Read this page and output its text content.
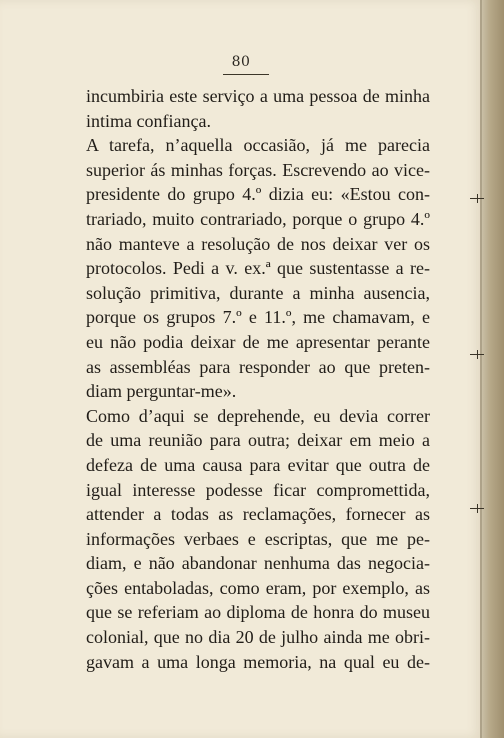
80
incumbiria este serviço a uma pessoa de minha
intima confiança.
A tarefa, n’aquella occasião, já me parecia
superior ás minhas forças. Escrevendo ao vice-
presidente do grupo 4.º dizia eu: «Estou con-
trariado, muito contrariado, porque o grupo 4.º
não manteve a resolução de nos deixar ver os
protocolos. Pedi a v. ex.ª que sustentasse a re-
solução primitiva, durante a minha ausencia,
porque os grupos 7.º e 11.º, me chamavam, e
eu não podia deixar de me apresentar perante
as assembléas para responder ao que preten-
diam perguntar-me».
Como d’aqui se deprehende, eu devia correr
de uma reunião para outra; deixar em meio a
defeza de uma causa para evitar que outra de
igual interesse podesse ficar compromettida,
attender a todas as reclamações, fornecer as
informações verbaes e escriptas, que me pe-
diam, e não abandonar nenhuma das negocia-
ções entaboladas, como eram, por exemplo, as
que se referiam ao diploma de honra do museu
colonial, que no dia 20 de julho ainda me obri-
gavam a uma longa memoria, na qual eu de-
